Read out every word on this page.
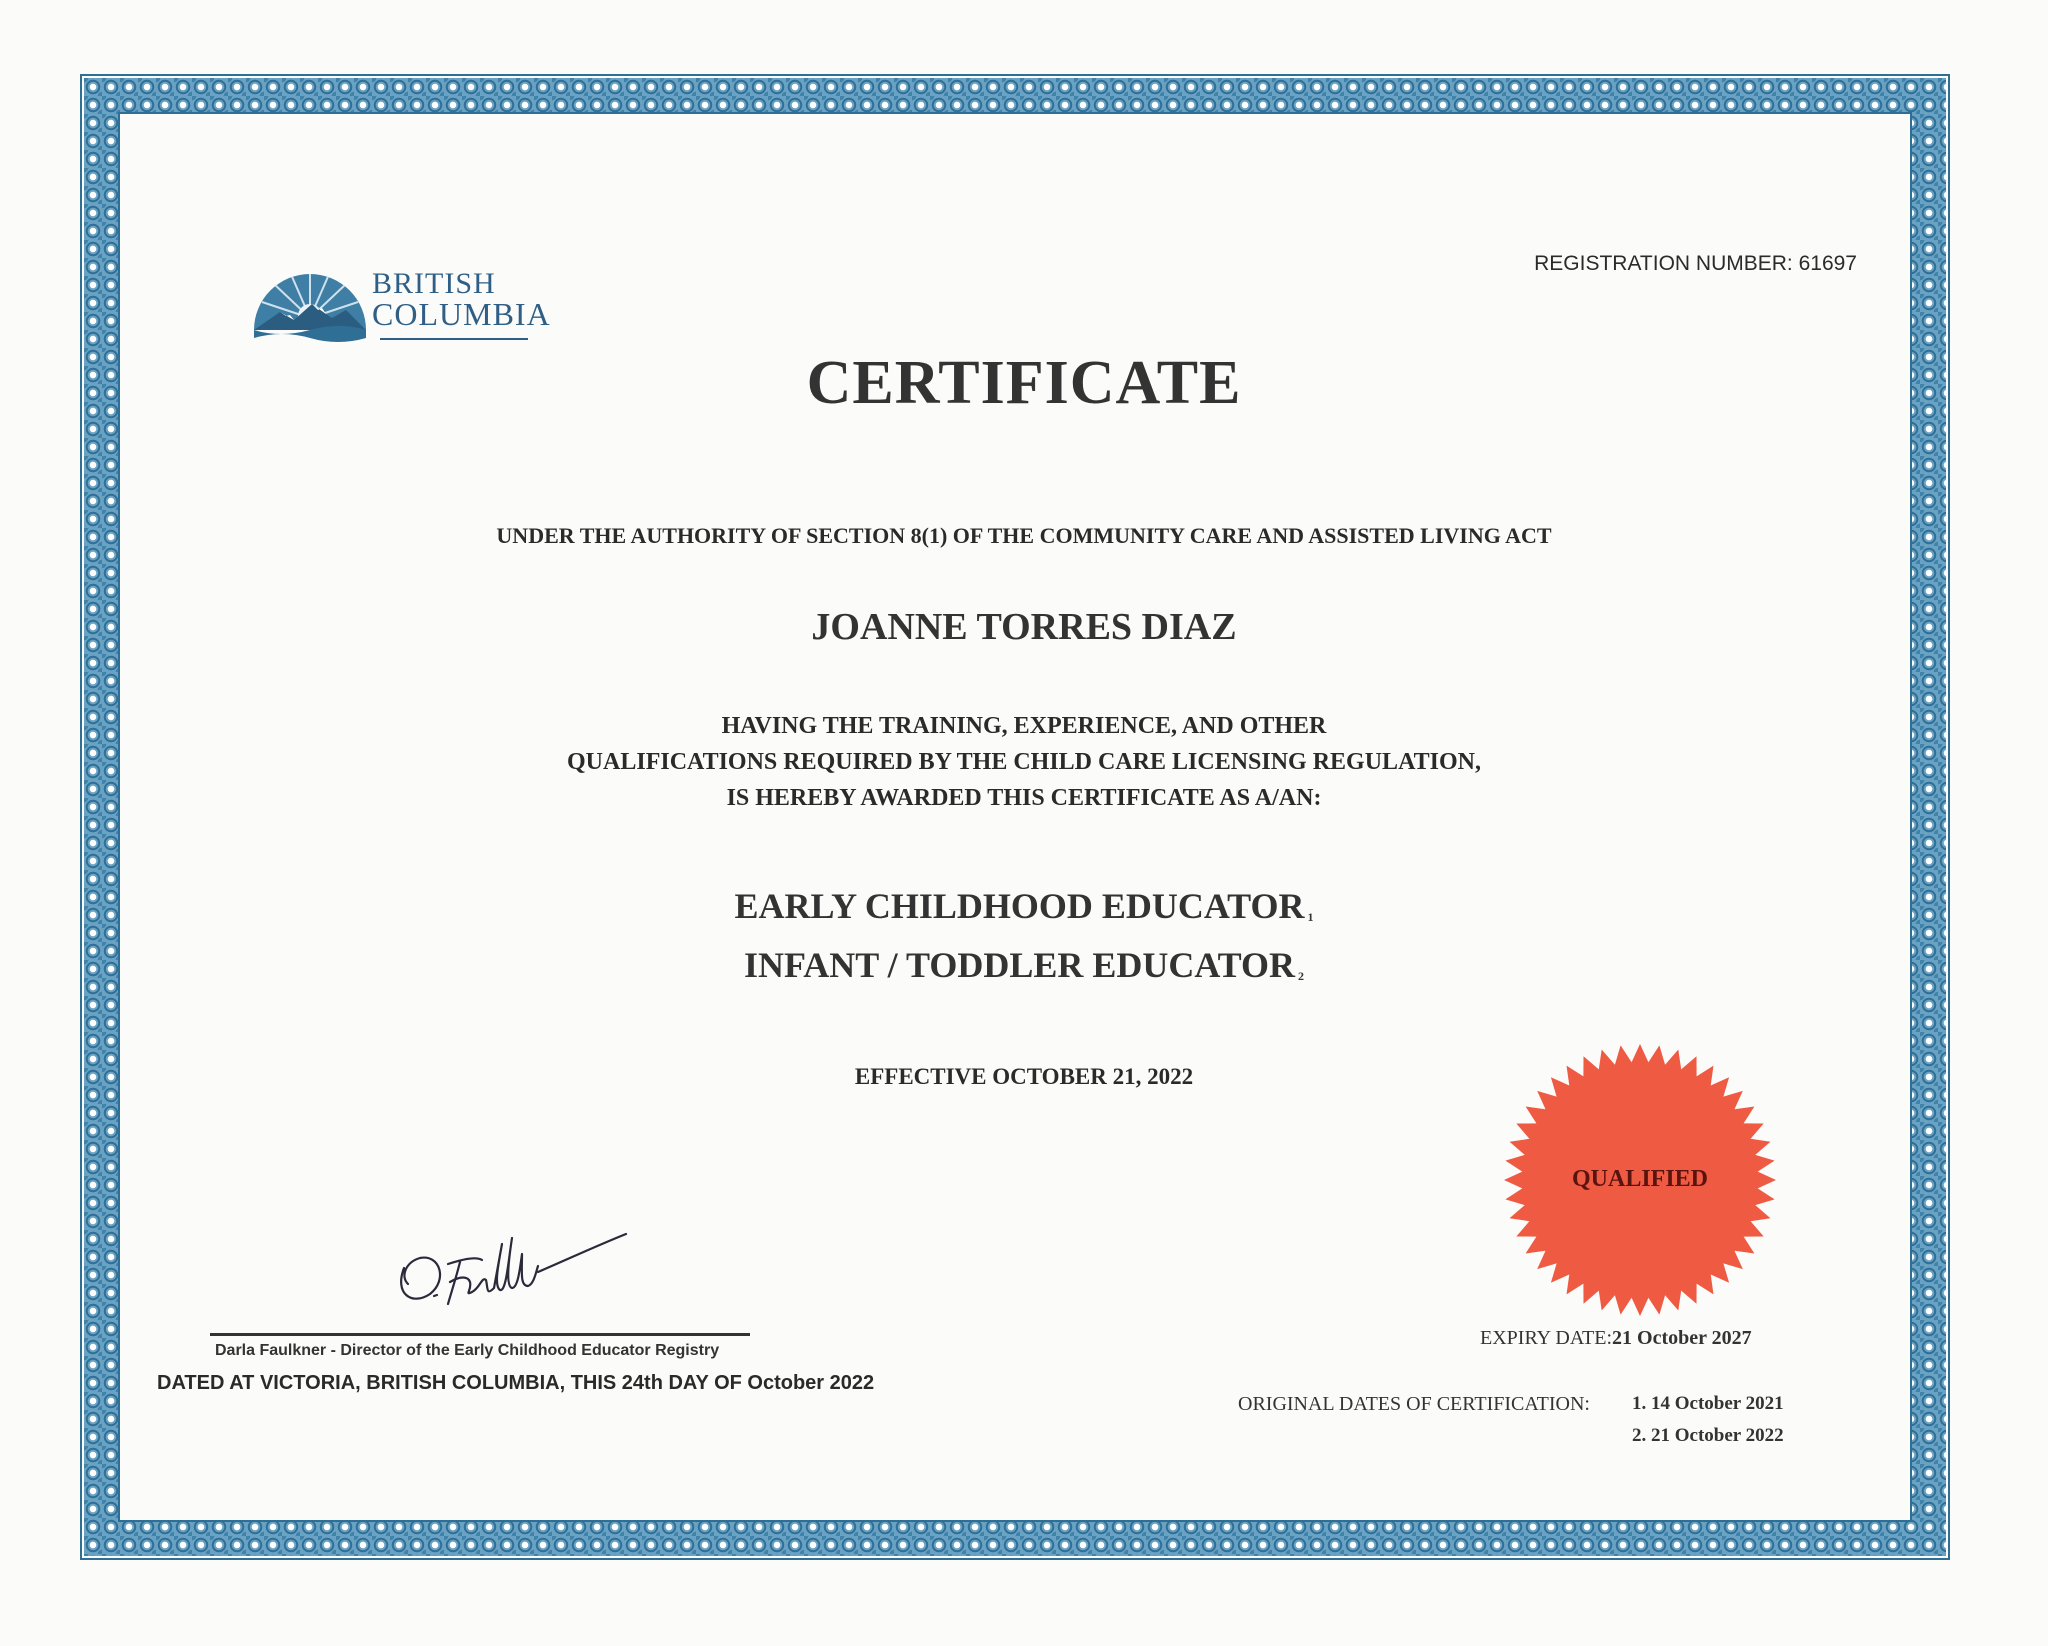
BRITISH
COLUMBIA
REGISTRATION NUMBER: 61697
CERTIFICATE
UNDER THE AUTHORITY OF SECTION 8(1) OF THE COMMUNITY CARE AND ASSISTED LIVING ACT
JOANNE TORRES DIAZ
HAVING THE TRAINING, EXPERIENCE, AND OTHER
QUALIFICATIONS REQUIRED BY THE CHILD CARE LICENSING REGULATION,
IS HEREBY AWARDED THIS CERTIFICATE AS A/AN:
EARLY CHILDHOOD EDUCATOR $_1$
INFANT / TODDLER EDUCATOR $_2$
EFFECTIVE OCTOBER 21, 2022
QUALIFIED
EXPIRY DATE:21 October 2027
ORIGINAL DATES OF CERTIFICATION: 1. 14 October 2021
2. 21 October 2022
Darla Faulkner - Director of the Early Childhood Educator Registry
DATED AT VICTORIA, BRITISH COLUMBIA, THIS 24th DAY OF October 2022
